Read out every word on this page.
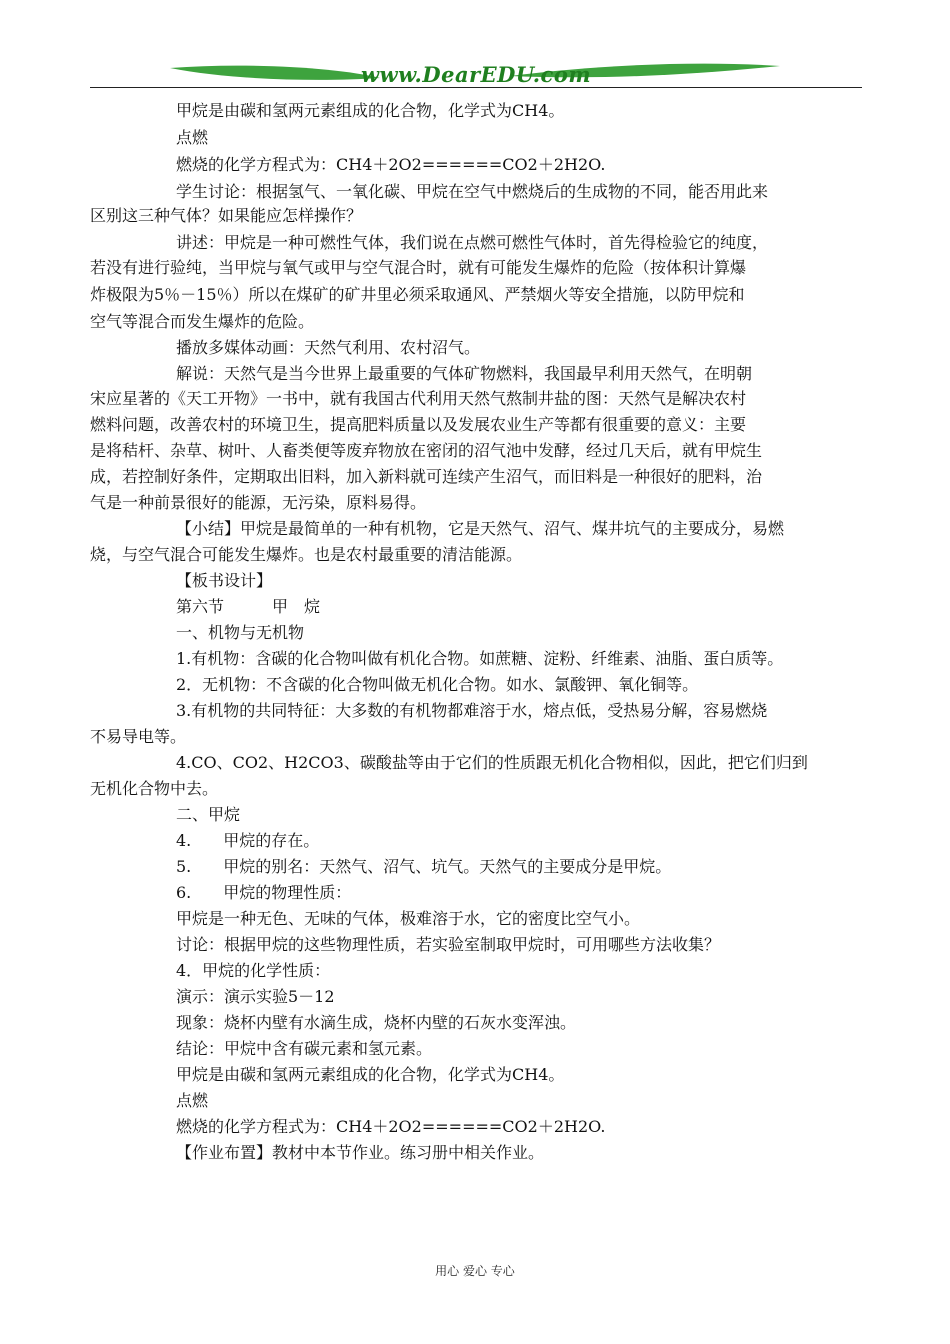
www.DearEDU.com
甲烷是由碳和氢两元素组成的化合物，化学式为CH4。
点燃
燃烧的化学方程式为：CH4＋2O2======CO2＋2H2O.
学生讨论：根据氢气、一氧化碳、甲烷在空气中燃烧后的生成物的不同，能否用此来
区别这三种气体？如果能应怎样操作？
讲述：甲烷是一种可燃性气体，我们说在点燃可燃性气体时，首先得检验它的纯度，
若没有进行验纯，当甲烷与氧气或甲与空气混合时，就有可能发生爆炸的危险（按体积计算爆
炸极限为5％－15％）所以在煤矿的矿井里必须采取通风、严禁烟火等安全措施，以防甲烷和
空气等混合而发生爆炸的危险。
播放多媒体动画：天然气利用、农村沼气。
解说：天然气是当今世界上最重要的气体矿物燃料，我国最早利用天然气，在明朝
宋应星著的《天工开物》一书中，就有我国古代利用天然气熬制井盐的图：天然气是解决农村
燃料问题，改善农村的环境卫生，提高肥料质量以及发展农业生产等都有很重要的意义：主要
是将秸杆、杂草、树叶、人畜类便等废弃物放在密闭的沼气池中发酵，经过几天后，就有甲烷生
成，若控制好条件，定期取出旧料，加入新料就可连续产生沼气，而旧料是一种很好的肥料，治
气是一种前景很好的能源，无污染，原料易得。
【小结】甲烷是最简单的一种有机物，它是天然气、沼气、煤井坑气的主要成分，易燃
烧，与空气混合可能发生爆炸。也是农村最重要的清洁能源。
【板书设计】
第六节　　　甲　烷
一、机物与无机物
1.有机物：含碳的化合物叫做有机化合物。如蔗糖、淀粉、纤维素、油脂、蛋白质等。
2．无机物：不含碳的化合物叫做无机化合物。如水、氯酸钾、氧化铜等。
3.有机物的共同特征：大多数的有机物都难溶于水，熔点低，受热易分解，容易燃烧
不易导电等。
4.CO、CO2、H2CO3、碳酸盐等由于它们的性质跟无机化合物相似，因此，把它们归到
无机化合物中去。
二、甲烷
4.　　甲烷的存在。
5.　　甲烷的别名：天然气、沼气、坑气。天然气的主要成分是甲烷。
6.　　甲烷的物理性质：
甲烷是一种无色、无味的气体，极难溶于水，它的密度比空气小。
讨论：根据甲烷的这些物理性质，若实验室制取甲烷时，可用哪些方法收集？
4．甲烷的化学性质：
演示：演示实验5－12
现象：烧杯内壁有水滴生成，烧杯内壁的石灰水变浑浊。
结论：甲烷中含有碳元素和氢元素。
甲烷是由碳和氢两元素组成的化合物，化学式为CH4。
点燃
燃烧的化学方程式为：CH4＋2O2======CO2＋2H2O.
【作业布置】教材中本节作业。练习册中相关作业。
用心 爱心 专心
